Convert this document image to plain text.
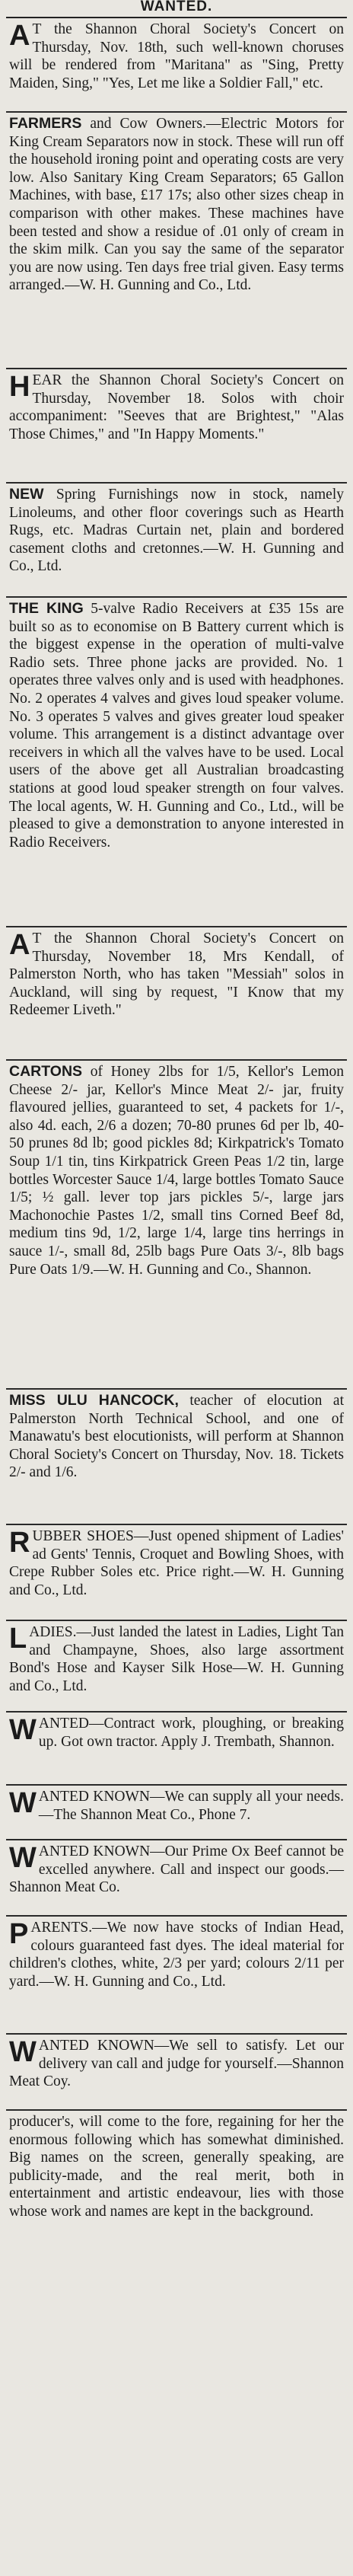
WANTED.

A T the Shannon Choral Society's Concert on Thursday, Nov. 18th, such well-known choruses will be rendered from "Maritana" as "Sing, Pretty Maiden, Sing," "Yes, Let me like a Soldier Fall," etc.

FARMERS and Cow Owners.—Electric Motors for King Cream Separators now in stock. These will run off the household ironing point and operating costs are very low. Also Sanitary King Cream Separators; 65 Gallon Machines, with base, £17 17s; also other sizes cheap in comparison with other makes. These machines have been tested and show a residue of .01 only of cream in the skim milk. Can you say the same of the separator you are now using. Ten days free trial given. Easy terms arranged.—W. H. Gunning and Co., Ltd.

HEAR the Shannon Choral Society's Concert on Thursday, November 18. Solos with choir accompaniment: "Seeves that are Brightest," "Alas Those Chimes," and "In Happy Moments."

NEW Spring Furnishings now in stock, namely Linoleums, and other floor coverings such as Hearth Rugs, etc. Madras Curtain net, plain and bordered casement cloths and cretonnes.—W. H. Gunning and Co., Ltd.

THE KING 5-valve Radio Receivers at £35 15s are built so as to economise on B Battery current which is the biggest expense in the operation of multi-valve Radio sets. Three phone jacks are provided. No. 1 operates three valves only and is used with headphones. No. 2 operates 4 valves and gives loud speaker volume. No. 3 operates 5 valves and gives greater loud speaker volume. This arrangement is a distinct advantage over receivers in which all the valves have to be used. Local users of the above get all Australian broadcasting stations at good loud speaker strength on four valves. The local agents, W. H. Gunning and Co., Ltd., will be pleased to give a demonstration to anyone interested in Radio Receivers.

A T the Shannon Choral Society's Concert on Thursday, November 18, Mrs Kendall, of Palmerston North, who has taken "Messiah" solos in Auckland, will sing by request, "I Know that my Redeemer Liveth."

CARTONS of Honey 2lbs for 1/5, Kellor's Lemon Cheese 2/- jar, Kellor's Mince Meat 2/- jar, fruity flavoured jellies, guaranteed to set, 4 packets for 1/-, also 4d. each, 2/6 a dozen; 70-80 prunes 6d per lb, 40-50 prunes 8d lb; good pickles 8d; Kirkpatrick's Tomato Soup 1/1 tin, tins Kirkpatrick Green Peas 1/2 tin, large bottles Worcester Sauce 1/4, large bottles Tomato Sauce 1/5; ½ gall. lever top jars pickles 5/-, large jars Machonochie Pastes 1/2, small tins Corned Beef 8d, medium tins 9d, 1/2, large 1/4, large tins herrings in sauce 1/-, small 8d, 25lb bags Pure Oats 3/-, 8lb bags Pure Oats 1/9.—W. H. Gunning and Co., Shannon.

MISS ULU HANCOCK, teacher of elocution at Palmerston North Technical School, and one of Manawatu's best elocutionists, will perform at Shannon Choral Society's Concert on Thursday, Nov. 18. Tickets 2/- and 1/6.

RUBBER SHOES—Just opened shipment of Ladies' ad Gents' Tennis, Croquet and Bowling Shoes, with Crepe Rubber Soles etc. Price right.—W. H. Gunning and Co., Ltd.

LADIES.—Just landed the latest in Ladies, Light Tan and Champayne, Shoes, also large assortment Bond's Hose and Kayser Silk Hose—W. H. Gunning and Co., Ltd.

WANTED—Contract work, ploughing, or breaking up. Got own tractor. Apply J. Trembath, Shannon.

WANTED KNOWN—We can supply all your needs.—The Shannon Meat Co., Phone 7.

WANTED KNOWN—Our Prime Ox Beef cannot be excelled anywhere. Call and inspect our goods.—Shannon Meat Co.

PARENTS.—We now have stocks of Indian Head, colours guaranteed fast dyes. The ideal material for children's clothes, white, 2/3 per yard; colours 2/11 per yard.—W. H. Gunning and Co., Ltd.

WANTED KNOWN—We sell to satisfy. Let our delivery van call and judge for yourself.—Shannon Meat Coy.

producer's, will come to the fore, regaining for her the enormous following which has somewhat diminished. Big names on the screen, generally speaking, are publicity-made, and the real merit, both in entertainment and artistic endeavour, lies with those whose work and names are kept in the background.
